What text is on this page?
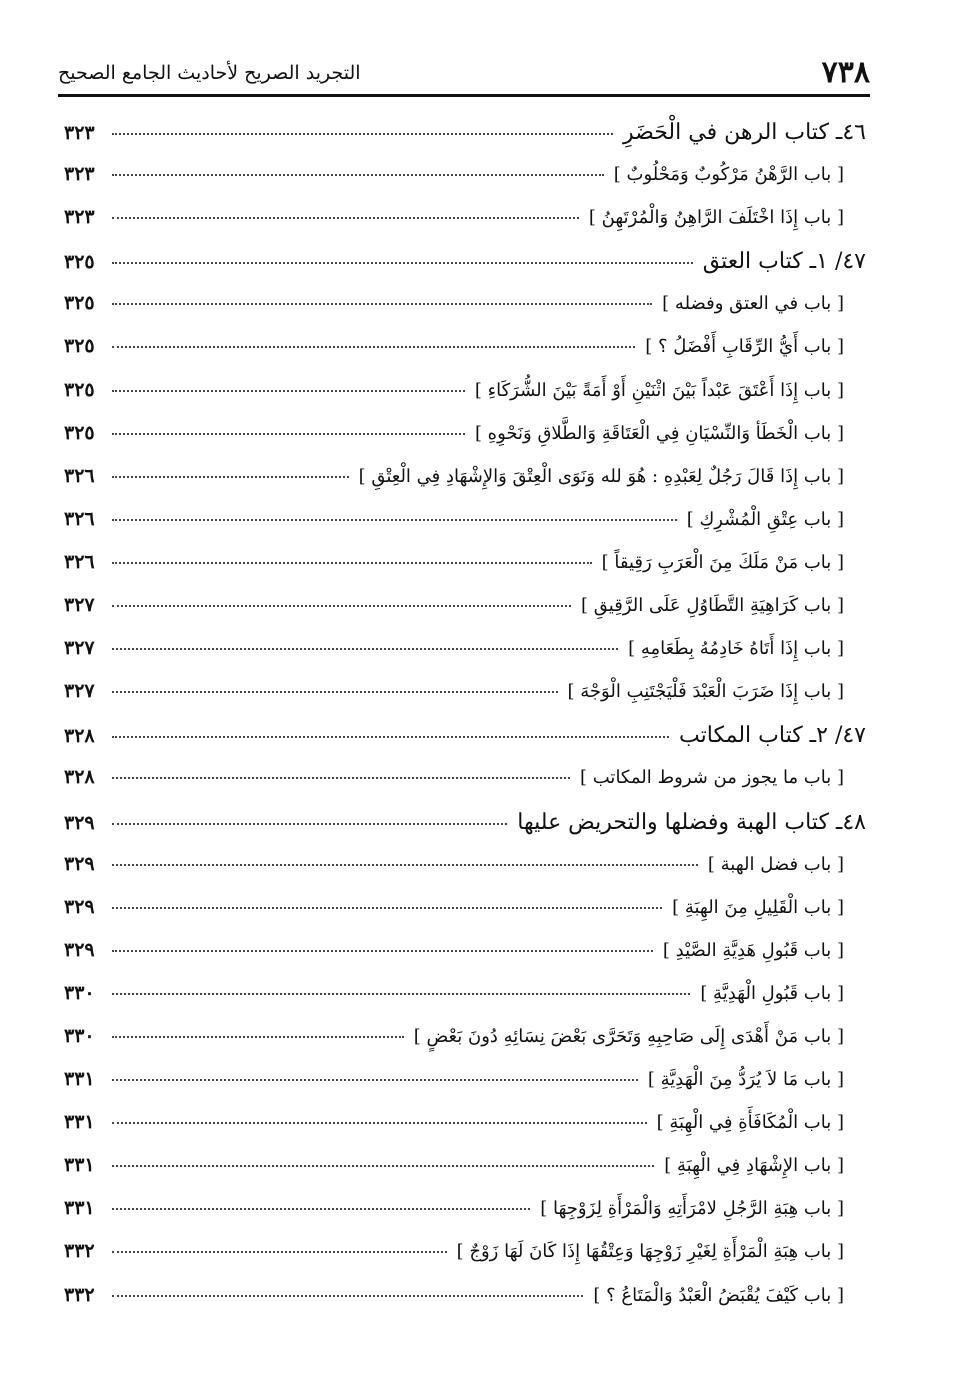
٧٣٨
التجريد الصريح لأحاديث الجامع الصحيح
٤٦ـ كتاب الرهن في الْحَضَرِ
٣٢٣
[ باب الرَّهْنُ مَرْكُوبٌ وَمَحْلُوبٌ ]
٣٢٣
[ باب إِذَا اخْتَلَفَ الرَّاهِنُ وَالْمُرْتَهِنُ ]
٣٢٣
٤٧/ ١ـ كتاب العتق
٣٢٥
[ باب في العتق وفضله ]
٣٢٥
[ باب أَيُّ الرِّقَابِ أَفْضَلُ ؟ ]
٣٢٥
[ باب إِذَا أَعْتَقَ عَبْداً بَيْنَ اثْنَيْنِ أَوْ أَمَةً بَيْنَ الشُّرَكَاءِ ]
٣٢٥
[ باب الْخَطَأ وَالنِّسْيَانِ فِي الْعَتَاقَةِ وَالطَّلاقِ وَنَحْوِهِ ]
٣٢٥
[ باب إِذَا قَالَ رَجُلٌ لِعَبْدِهِ : هُوَ لله وَنَوَى الْعِتْقَ وَالإِشْهَادِ فِي الْعِتْقِ ]
٣٢٦
[ باب عِتْقِ الْمُشْرِكِ ]
٣٢٦
[ باب مَنْ مَلَكَ مِنَ الْعَرَبِ رَقِيقاً ]
٣٢٦
[ باب كَرَاهِيَةِ التَّطَاوُلِ عَلَى الرَّقِيقِ ]
٣٢٧
[ باب إِذَا أَتَاهُ خَادِمُهُ بِطَعَامِهِ ]
٣٢٧
[ باب إِذَا ضَرَبَ الْعَبْدَ فَلْيَجْتَنِبِ الْوَجْهَ ]
٣٢٧
٤٧/ ٢ـ كتاب المكاتب
٣٢٨
[ باب ما يجوز من شروط المكاتب ]
٣٢٨
٤٨ـ كتاب الهبة وفضلها والتحريض عليها
٣٢٩
[ باب فضل الهبة ]
٣٢٩
[ باب الْقَلِيلِ مِنَ الهِبَةِ ]
٣٢٩
[ باب قَبُولِ هَدِيَّةِ الصَّيْدِ ]
٣٢٩
[ باب قَبُولِ الْهَدِيَّةِ ]
٣٣٠
[ باب مَنْ أَهْدَى إِلَى صَاحِبِهِ وَتَحَرَّى بَعْضَ نِسَائِهِ دُونَ بَعْضٍ ]
٣٣٠
[ باب مَا لاَ يُرَدُّ مِنَ الْهَدِيَّةِ ]
٣٣١
[ باب الْمُكَافَأَةِ فِي الْهِبَةِ ]
٣٣١
[ باب الإِشْهَادِ فِي الْهِبَةِ ]
٣٣١
[ باب هِبَةِ الرَّجُلِ لامْرَأَتِهِ وَالْمَرْأَةِ لِزَوْجِهَا ]
٣٣١
[ باب هِبَةِ الْمَرْأَةِ لِغَيْرِ زَوْجِهَا وَعِتْقُهَا إِذَا كَانَ لَهَا زَوْجٌ ]
٣٣٢
[ باب كَيْفَ يُقْبَضُ الْعَبْدُ وَالْمَتَاعُ ؟ ]
٣٣٢
